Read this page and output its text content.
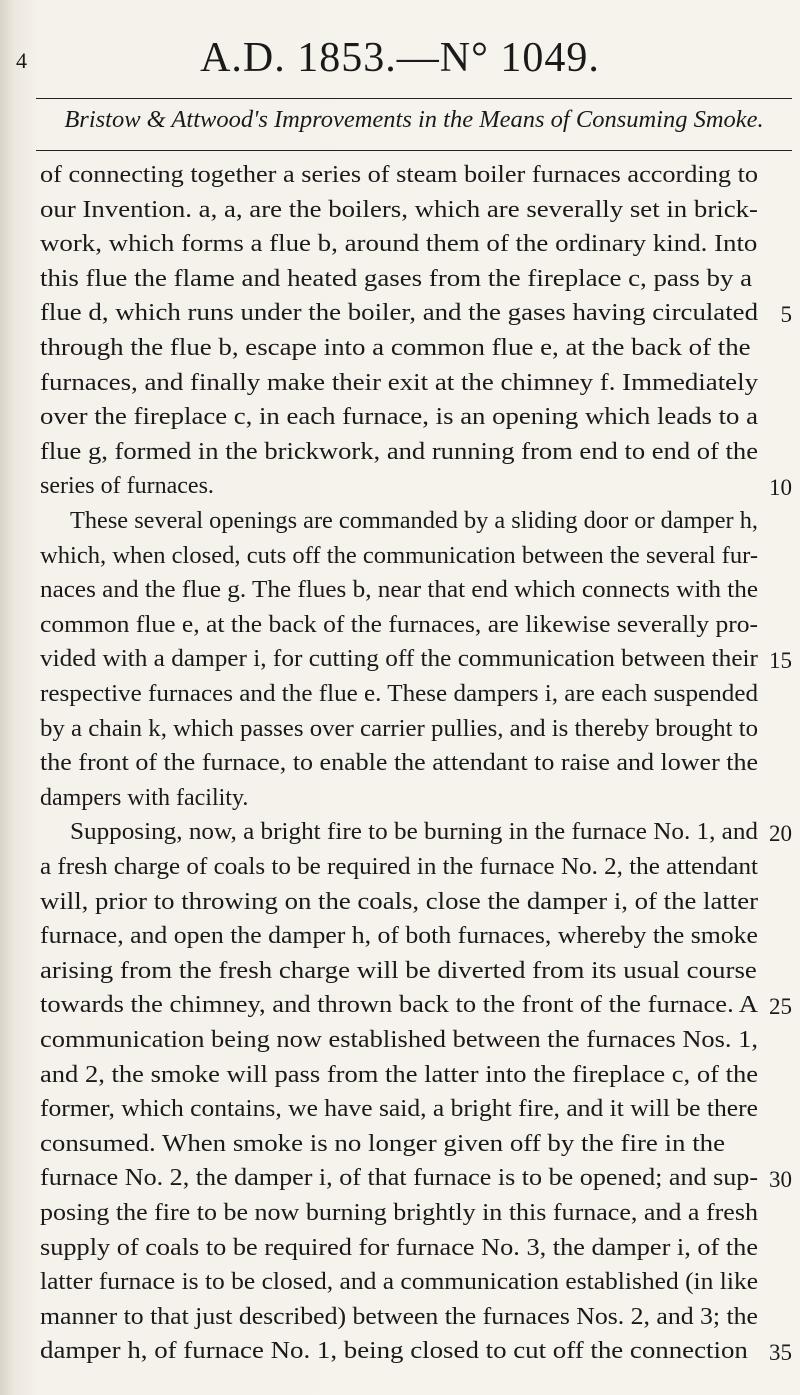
4	A.D. 1853.—N° 1049.
Bristow & Attwood's Improvements in the Means of Consuming Smoke.
of connecting together a series of steam boiler furnaces according to
our Invention. a, a, are the boilers, which are severally set in brick-
work, which forms a flue b, around them of the ordinary kind. Into
this flue the flame and heated gases from the fireplace c, pass by a
flue d, which runs under the boiler, and the gases having circulated
through the flue b, escape into a common flue e, at the back of the
furnaces, and finally make their exit at the chimney f. Immediately
over the fireplace c, in each furnace, is an opening which leads to a
flue g, formed in the brickwork, and running from end to end of the
series of furnaces.
These several openings are commanded by a sliding door or damper h,
which, when closed, cuts off the communication between the several fur-
naces and the flue g. The flues b, near that end which connects with the
common flue e, at the back of the furnaces, are likewise severally pro-
vided with a damper i, for cutting off the communication between their
respective furnaces and the flue e. These dampers i, are each suspended
by a chain k, which passes over carrier pullies, and is thereby brought to
the front of the furnace, to enable the attendant to raise and lower the
dampers with facility.
Supposing, now, a bright fire to be burning in the furnace No. 1, and
a fresh charge of coals to be required in the furnace No. 2, the attendant
will, prior to throwing on the coals, close the damper i, of the latter
furnace, and open the damper h, of both furnaces, whereby the smoke
arising from the fresh charge will be diverted from its usual course
towards the chimney, and thrown back to the front of the furnace. A
communication being now established between the furnaces Nos. 1,
and 2, the smoke will pass from the latter into the fireplace c, of the
former, which contains, we have said, a bright fire, and it will be there
consumed. When smoke is no longer given off by the fire in the
furnace No. 2, the damper i, of that furnace is to be opened; and sup-
posing the fire to be now burning brightly in this furnace, and a fresh
supply of coals to be required for furnace No. 3, the damper i, of the
latter furnace is to be closed, and a communication established (in like
manner to that just described) between the furnaces Nos. 2, and 3; the
damper h, of furnace No. 1, being closed to cut off the connection
5
10
15
20
25
30
35
